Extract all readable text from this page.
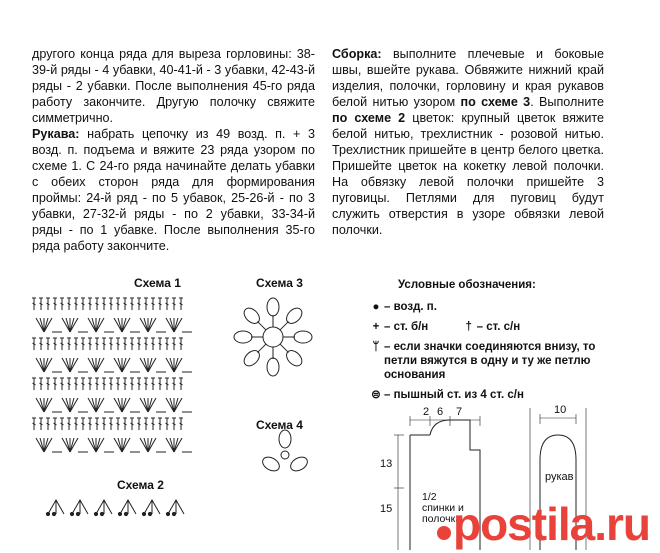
другого конца ряда для выреза горловины: 38-39-й ряды - 4 убавки, 40-41-й - 3 убавки, 42-43-й ряды - 2 убавки. После выполнения 45-го ряда работу закончите. Другую полочку свяжите симметрично.

Рукава: набрать цепочку из 49 возд. п. + 3 возд. п. подъема и вяжите 23 ряда узором по схеме 1. С 24-го ряда начинайте делать убавки с обеих сторон ряда для формирования проймы: 24-й ряд - по 5 убавок, 25-26-й - по 3 убавки, 27-32-й ряды - по 2 убавки, 33-34-й ряды - по 1 убавке. После выполнения 35-го ряда работу закончите.

Сборка: выполните плечевые и боковые швы, вшейте рукава. Обвяжите нижний край изделия, полочки, горловину и края рукавов белой нитью узором по схеме 3. Выполните по схеме 2 цветок: крупный цветок вяжите белой нитью, трехлистник - розовой нитью. Трехлистник пришейте в центр белого цветка. Пришейте цветок на кокетку левой полочки. На обвязку левой полочки пришейте 3 пуговицы. Петлями для пуговиц будут служить отверстия в узоре обвязки левой полочки.

Схема 1	Схема 3
Схема 4
Схема 2
Условные обозначения:
● – возд. п.
+ – ст. б/н	† – ст. с/н
ᛘ – если значки соединяются внизу, то петли вяжутся в одну и ту же петлю основания
⊜ – пышный ст. из 4 ст. с/н
2 6 7	10
13
15
1/2 спинки и полочка
рукав
postila.ru
